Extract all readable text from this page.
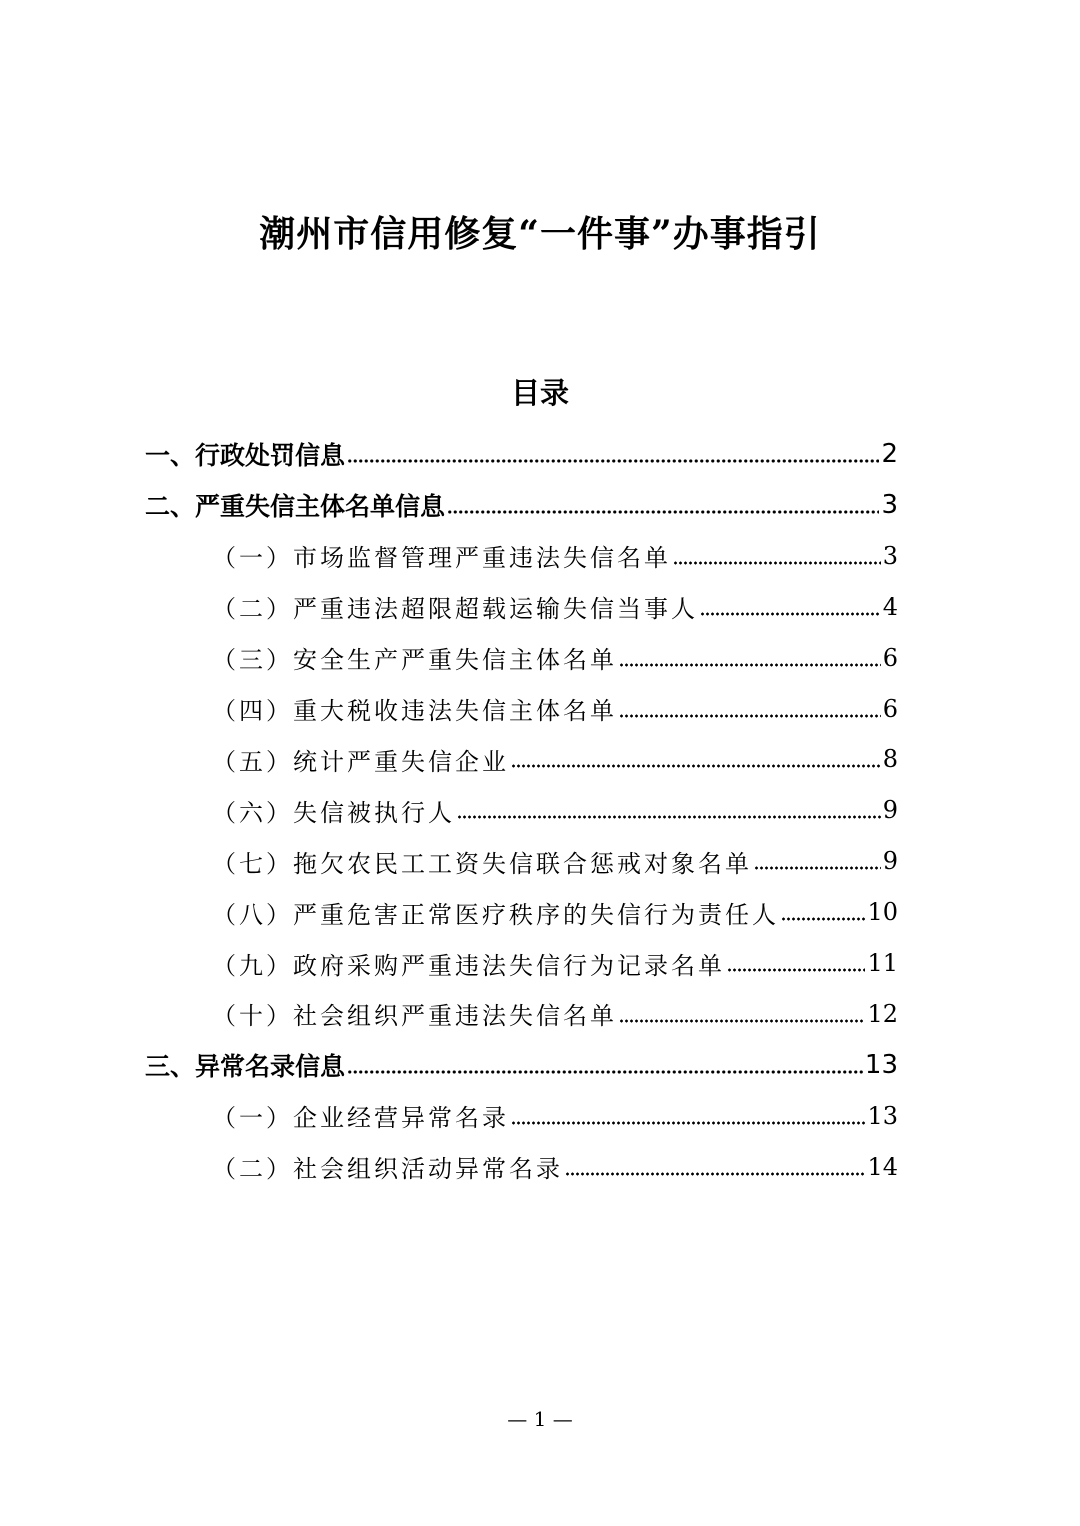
潮州市信用修复“一件事”办事指引
目录
一、行政处罚信息	2
二、严重失信主体名单信息	3
（一）市场监督管理严重违法失信名单	3
（二）严重违法超限超载运输失信当事人	4
（三）安全生产严重失信主体名单	6
（四）重大税收违法失信主体名单	6
（五）统计严重失信企业	8
（六）失信被执行人	9
（七）拖欠农民工工资失信联合惩戒对象名单	9
（八）严重危害正常医疗秩序的失信行为责任人	10
（九）政府采购严重违法失信行为记录名单	11
（十）社会组织严重违法失信名单	12
三、异常名录信息	13
（一）企业经营异常名录	13
（二）社会组织活动异常名录	14
— 1 —
